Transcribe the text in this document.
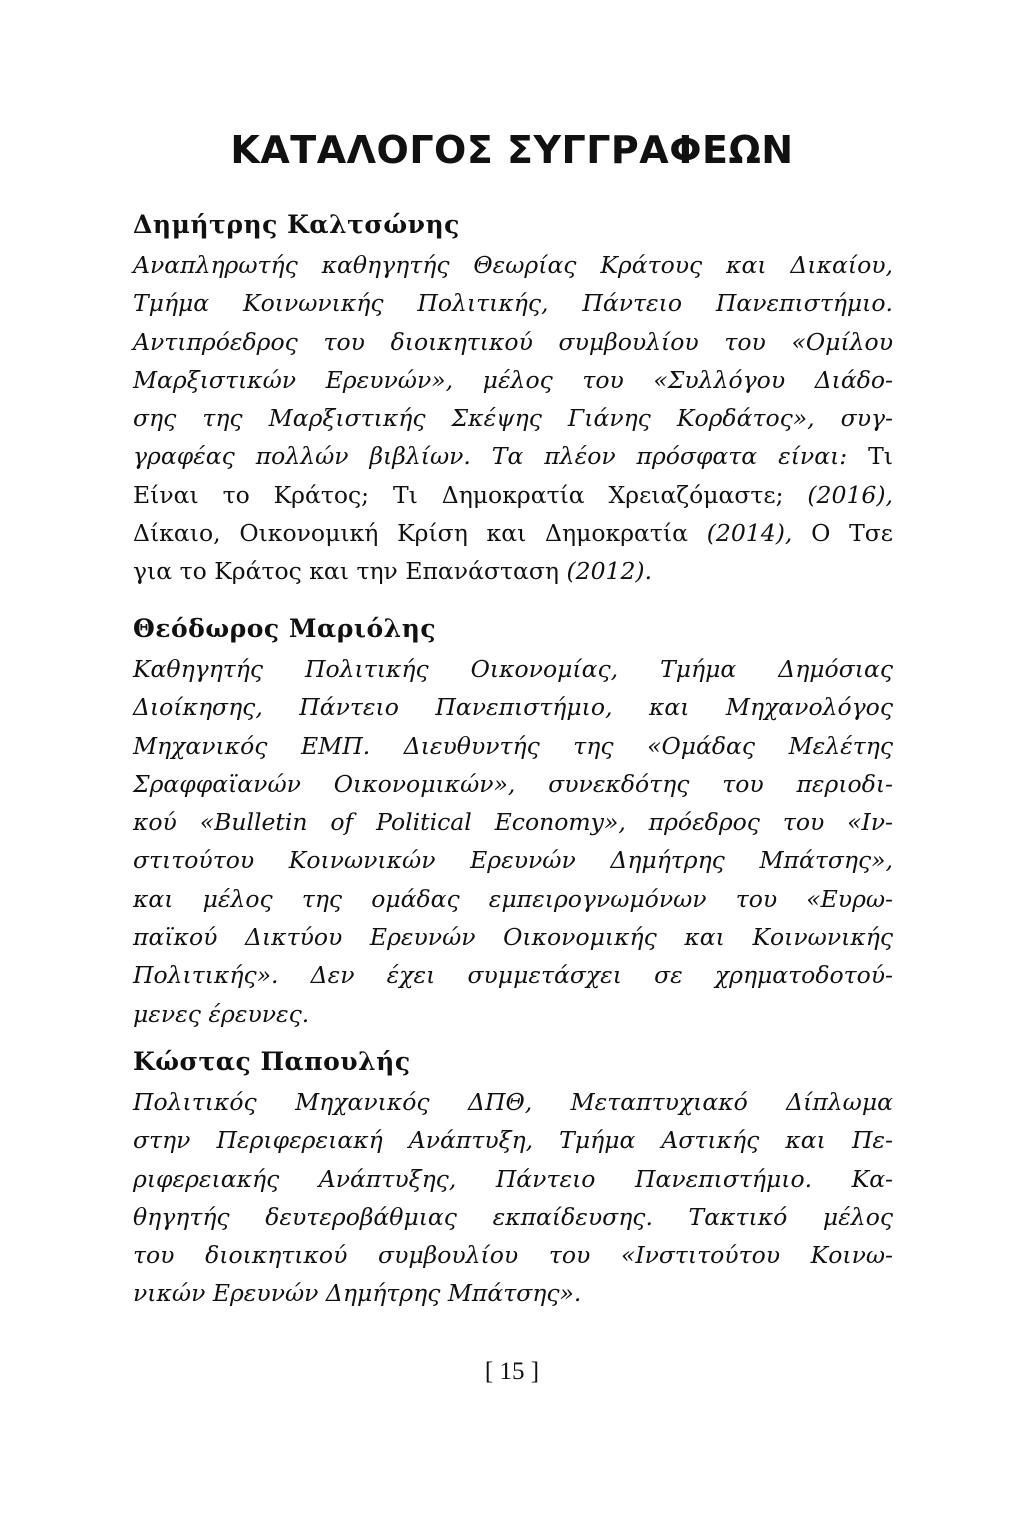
ΚΑΤΑΛΟΓΟΣ ΣΥΓΓΡΑΦΕΩΝ
Δημήτρης Καλτσώνης
Αναπληρωτής καθηγητής Θεωρίας Κράτους και Δικαίου,
Τμήμα Κοινωνικής Πολιτικής, Πάντειο Πανεπιστήμιο.
Αντιπρόεδρος του διοικητικού συμβουλίου του «Ομίλου
Μαρξιστικών Ερευνών», μέλος του «Συλλόγου Διάδο-
σης της Μαρξιστικής Σκέψης Γιάνης Κορδάτος», συγ-
γραφέας πολλών βιβλίων. Τα πλέον πρόσφατα είναι: Τι
Είναι το Κράτος; Τι Δημοκρατία Χρειαζόμαστε; (2016),
Δίκαιο, Οικονομική Κρίση και Δημοκρατία (2014), Ο Τσε
για το Κράτος και την Επανάσταση (2012).
Θεόδωρος Μαριόλης
Καθηγητής Πολιτικής Οικονομίας, Τμήμα Δημόσιας
Διοίκησης, Πάντειο Πανεπιστήμιο, και Μηχανολόγος
Μηχανικός ΕΜΠ. Διευθυντής της «Ομάδας Μελέτης
Σραφφαϊανών Οικονομικών», συνεκδότης του περιοδι-
κού «Bulletin of Political Economy», πρόεδρος του «Ιν-
στιτούτου Κοινωνικών Ερευνών Δημήτρης Μπάτσης»,
και μέλος της ομάδας εμπειρογνωμόνων του «Ευρω-
παϊκού Δικτύου Ερευνών Οικονομικής και Κοινωνικής
Πολιτικής». Δεν έχει συμμετάσχει σε χρηματοδοτού-
μενες έρευνες.
Κώστας Παπουλής
Πολιτικός Μηχανικός ΔΠΘ, Μεταπτυχιακό Δίπλωμα
στην Περιφερειακή Ανάπτυξη, Τμήμα Αστικής και Πε-
ριφερειακής Ανάπτυξης, Πάντειο Πανεπιστήμιο. Κα-
θηγητής δευτεροβάθμιας εκπαίδευσης. Τακτικό μέλος
του διοικητικού συμβουλίου του «Ινστιτούτου Κοινω-
νικών Ερευνών Δημήτρης Μπάτσης».
[ 15 ]
